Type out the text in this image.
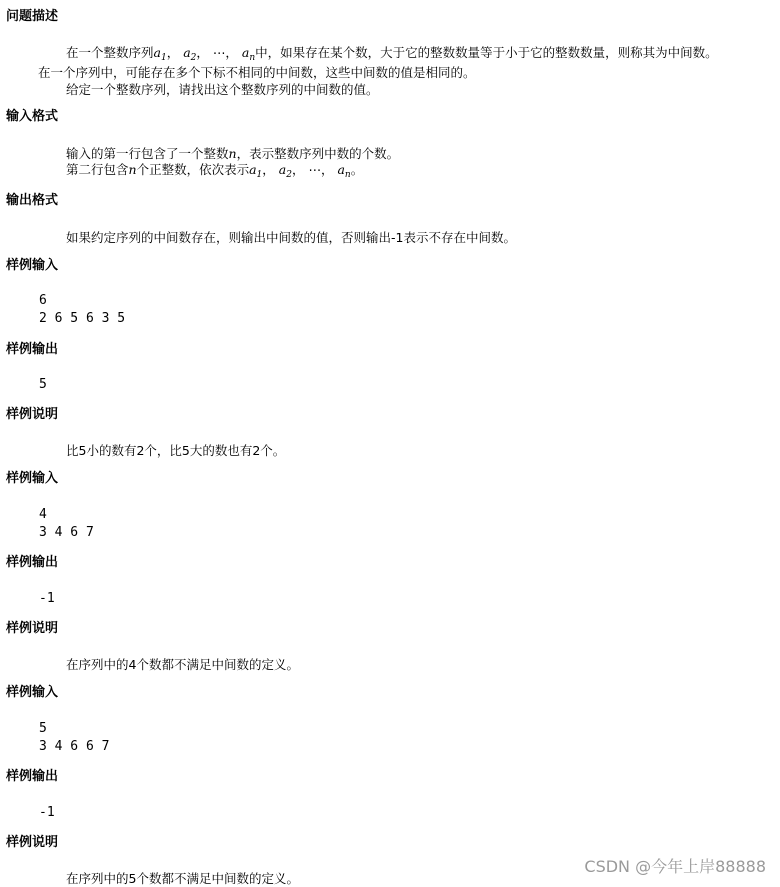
问题描述
在一个整数序列$a_1$， $a_2$， ⋯， $a_n$中，如果存在某个数，大于它的整数数量等于小于它的整数数量，则称其为中间数。
在一个序列中，可能存在多个下标不相同的中间数，这些中间数的值是相同的。
给定一个整数序列，请找出这个整数序列的中间数的值。
输入格式
输入的第一行包含了一个整数n，表示整数序列中数的个数。
第二行包含n个正整数，依次表示$a_1$， $a_2$， ⋯， $a_n$。
输出格式
如果约定序列的中间数存在，则输出中间数的值，否则输出-1表示不存在中间数。
样例输入
6
2 6 5 6 3 5
样例输出
5
样例说明
比5小的数有2个，比5大的数也有2个。
样例输入
4
3 4 6 7
样例输出
-1
样例说明
在序列中的4个数都不满足中间数的定义。
样例输入
5
3 4 6 6 7
样例输出
-1
样例说明
在序列中的5个数都不满足中间数的定义。
CSDN @今年上岸88888
